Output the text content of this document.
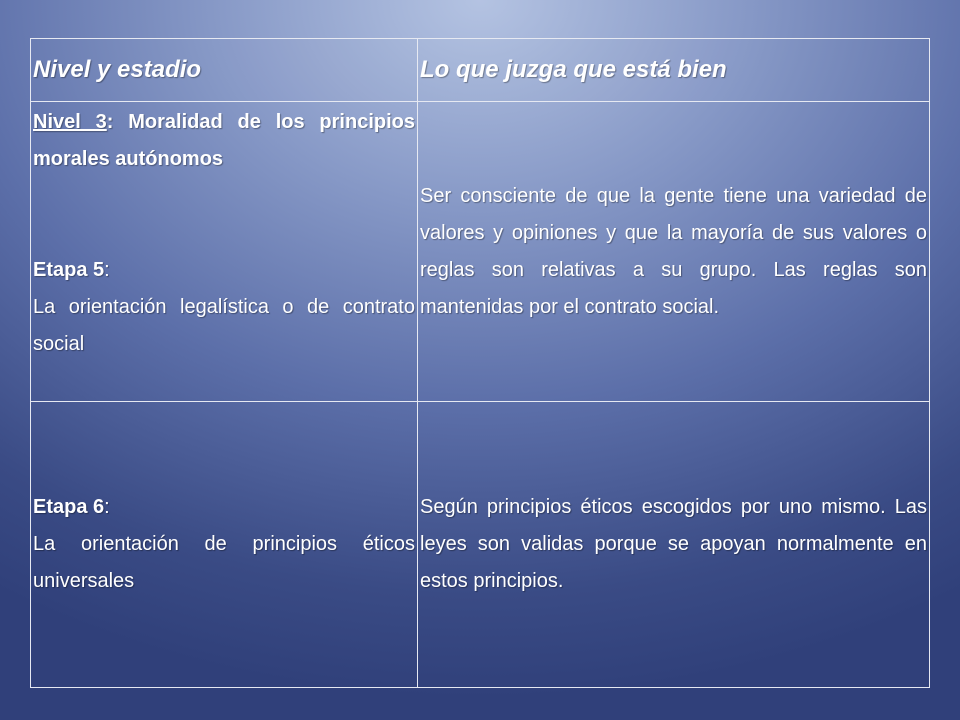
Nivel y estadio	Lo que juzga que está bien

Nivel 3: Moralidad de los principios morales autónomos
Etapa 5:
La orientación legalística o de contrato social	Ser consciente de que la gente tiene una variedad de valores y opiniones y que la mayoría de sus valores o reglas son relativas a su grupo. Las reglas son mantenidas por el contrato social.

Etapa 6:
La orientación de principios éticos universales	Según principios éticos escogidos por uno mismo. Las leyes son validas porque se apoyan normalmente en estos principios.
